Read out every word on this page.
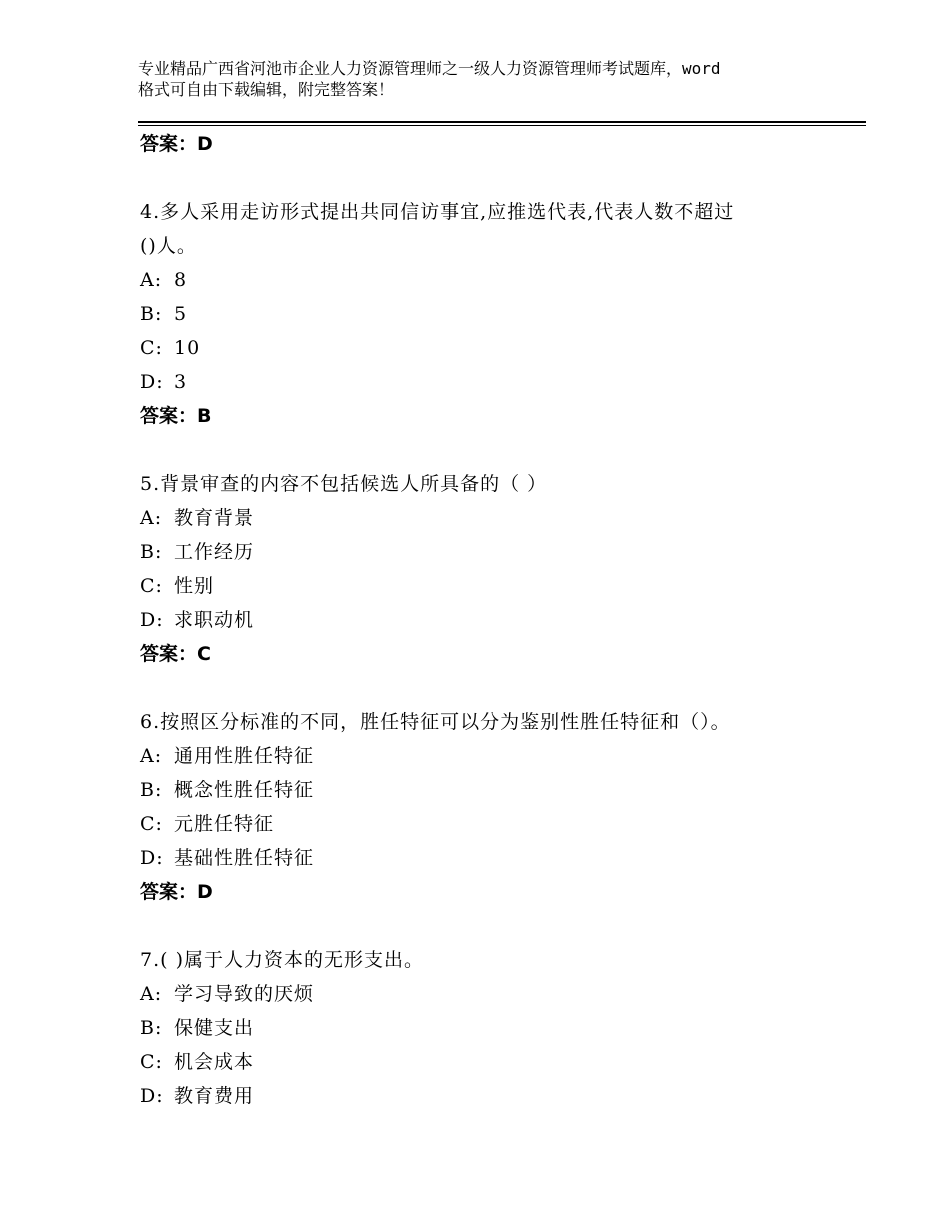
专业精品广西省河池市企业人力资源管理师之一级人力资源管理师考试题库，word
格式可自由下载编辑，附完整答案！
答案：D
4.多人采用走访形式提出共同信访事宜,应推选代表,代表人数不超过
()人。
A: 8
B: 5
C: 10
D: 3
答案：B
5.背景审查的内容不包括候选人所具备的（ ）
A: 教育背景
B: 工作经历
C: 性别
D: 求职动机
答案：C
6.按照区分标准的不同，胜任特征可以分为鉴别性胜任特征和（）。
A: 通用性胜任特征
B: 概念性胜任特征
C: 元胜任特征
D: 基础性胜任特征
答案：D
7.( )属于人力资本的无形支出。
A: 学习导致的厌烦
B: 保健支出
C: 机会成本
D: 教育费用
